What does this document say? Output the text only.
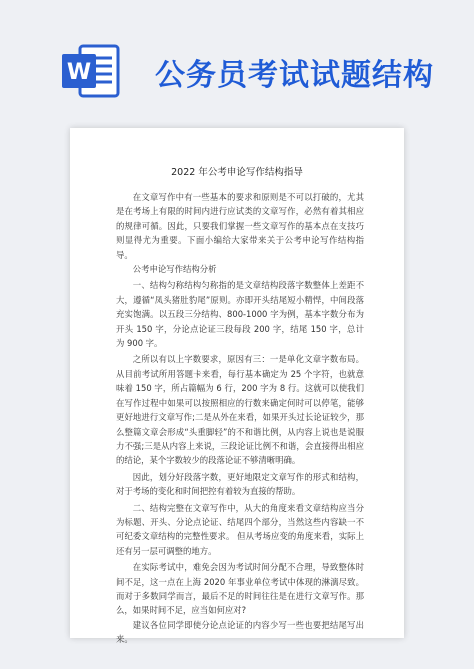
W 公务员考试试题结构
2022 年公考申论写作结构指导

在文章写作中有一些基本的要求和原则是不可以打破的，尤其是在考场上有限的时间内进行应试类的文章写作，必然有着其相应的规律可循。因此，只要我们掌握一些文章写作的基本点在支技巧则显得尤为重要。下面小编给大家带来关于公考申论写作结构指导。

公考申论写作结构分析

一、结构匀称结构匀称指的是文章结构段落字数整体上差距不大，遵循“凤头猪肚豹尾”原则。亦即开头结尾短小精悍，中间段落充实饱满。以五段三分结构、800-1000 字为例，基本字数分布为开头 150 字，分论点论证三段每段 200 字，结尾 150 字，总计为 900 字。

之所以有以上字数要求，原因有三：一是单化文章字数布局。从目前考试所用答题卡来看，每行基本确定为 25 个字符，也就意味着 150 字，所占篇幅为 6 行，200 字为 8 行。这就可以使我们在写作过程中如果可以按照相应的行数来确定何时可以停笔，能够更好地进行文章写作;二是从外在来看，如果开头过长论证较少，那么整篇文章会形成“头重脚轻”的不和谐比例，从内容上说也是说服力不强;三是从内容上来说，三段论证比例不和谐，会直接得出相应的结论，某个字数较少的段落论证不够清晰明确。

因此，划分好段落字数，更好地限定文章写作的形式和结构，对于考场的变化和时间把控有着较为直接的帮助。

二、结构完整在文章写作中，从大的角度来看文章结构应当分为标题、开头、分论点论证、结尾四个部分，当然这些内容缺一不可纪委文章结构的完整性要求。 但从考场应变的角度来看，实际上还有另一层可调整的地方。

在实际考试中，难免会因为考试时间分配不合理，导致整体时间不足，这一点在上海 2020 年事业单位考试中体现的淋漓尽致。而对于多数同学而言，最后不足的时间往往是在进行文章写作。那么，如果时间不足，应当如何应对?

建议各位同学即使分论点论证的内容少写一些也要把结尾写出来。
